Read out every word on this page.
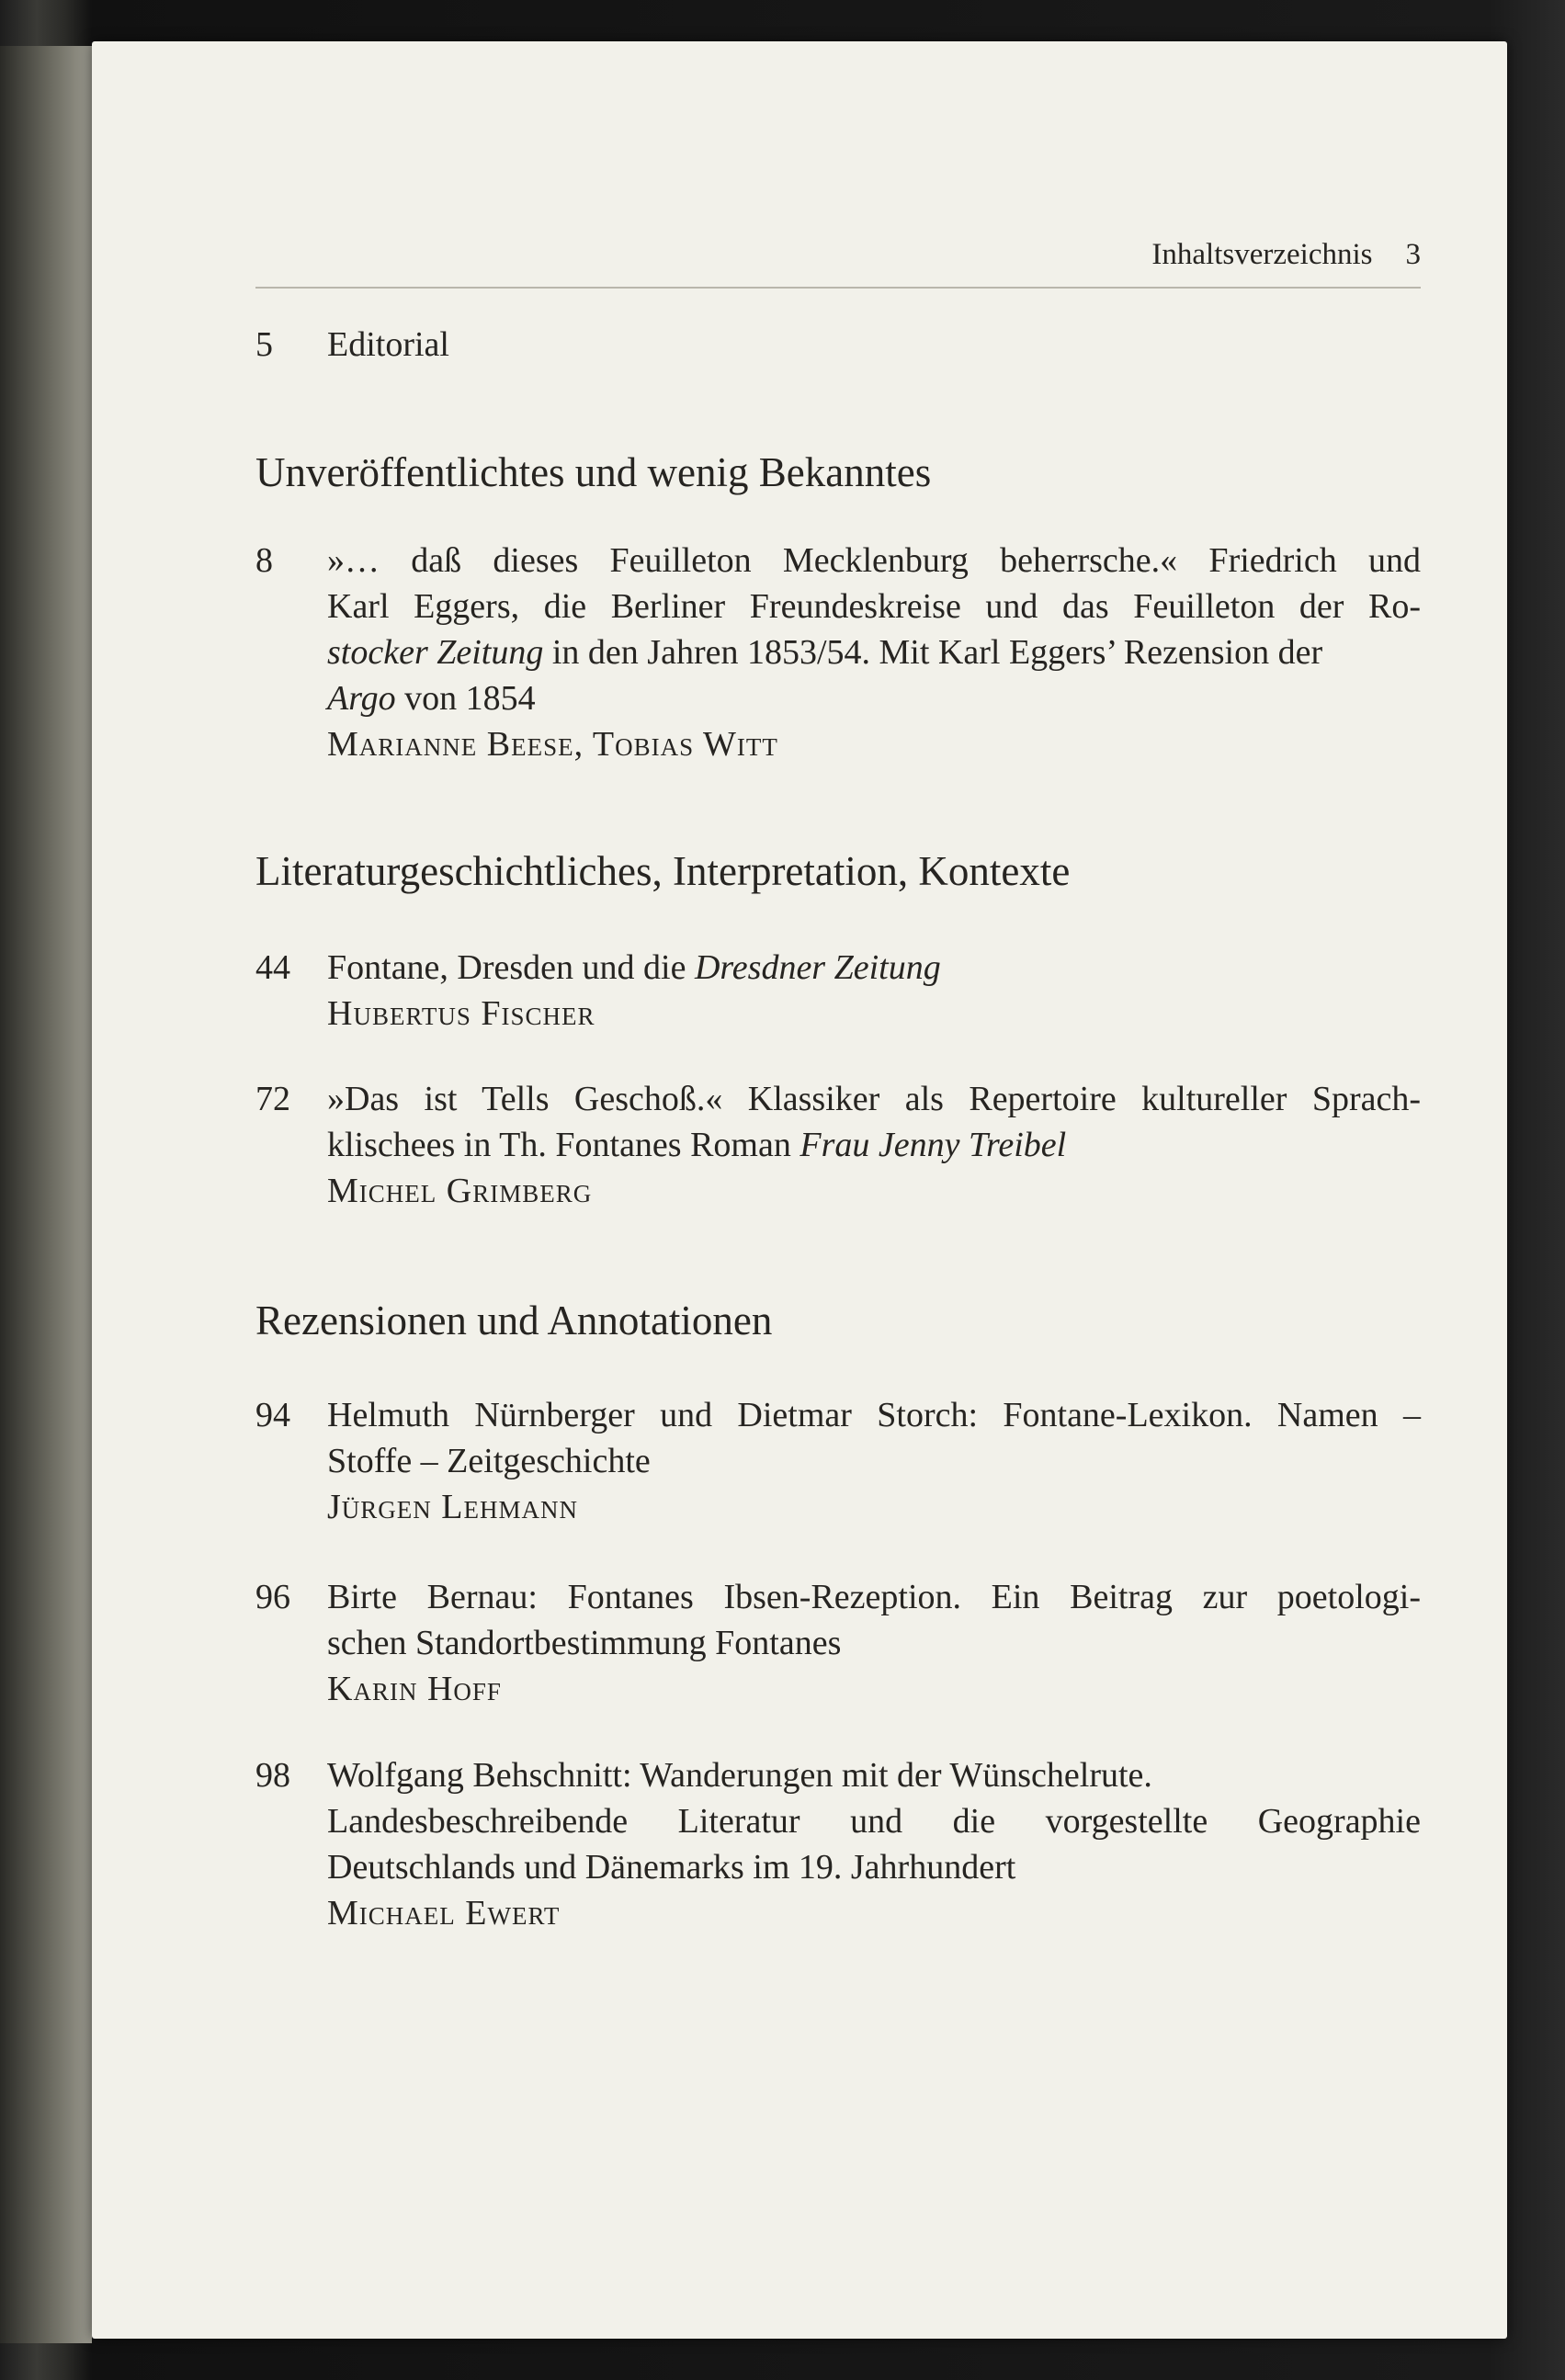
Inhaltsverzeichnis 3
5	Editorial
Unveröffentlichtes und wenig Bekanntes
8	»… daß dieses Feuilleton Mecklenburg beherrsche.« Friedrich und
Karl Eggers, die Berliner Freundeskreise und das Feuilleton der Ro-
stocker Zeitung in den Jahren 1853/54. Mit Karl Eggers’ Rezension der
Argo von 1854
Marianne Beese, Tobias Witt
Literaturgeschichtliches, Interpretation, Kontexte
44	Fontane, Dresden und die Dresdner Zeitung
Hubertus Fischer
72	»Das ist Tells Geschoß.« Klassiker als Repertoire kultureller Sprach-
klischees in Th. Fontanes Roman Frau Jenny Treibel
Michel Grimberg
Rezensionen und Annotationen
94	Helmuth Nürnberger und Dietmar Storch: Fontane-Lexikon. Namen –
Stoffe – Zeitgeschichte
Jürgen Lehmann
96	Birte Bernau: Fontanes Ibsen-Rezeption. Ein Beitrag zur poetologi-
schen Standortbestimmung Fontanes
Karin Hoff
98	Wolfgang Behschnitt: Wanderungen mit der Wünschelrute.
Landesbeschreibende Literatur und die vorgestellte Geographie
Deutschlands und Dänemarks im 19. Jahrhundert
Michael Ewert
